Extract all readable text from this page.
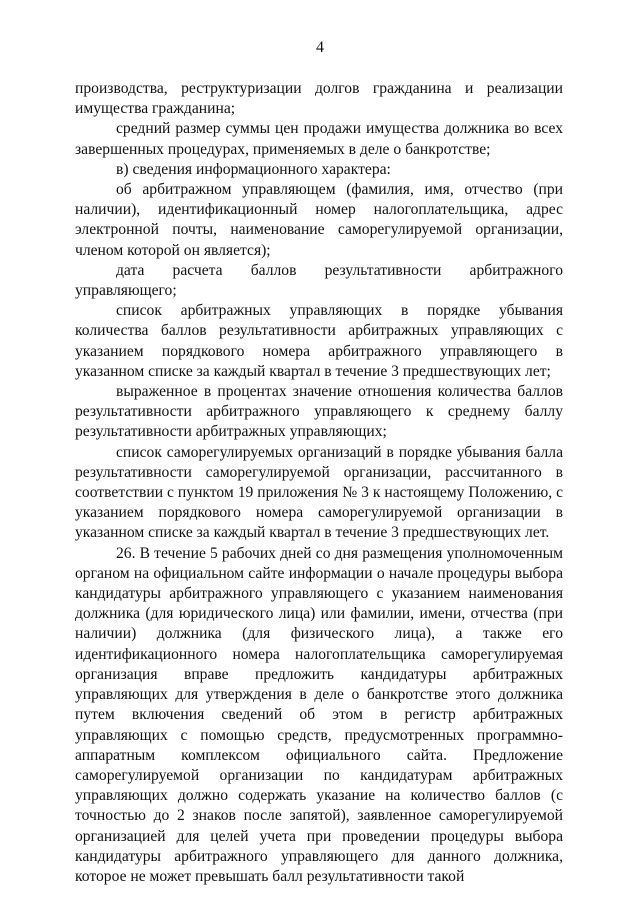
4

производства, реструктуризации долгов гражданина и реализации имущества гражданина;

средний размер суммы цен продажи имущества должника во всех завершенных процедурах, применяемых в деле о банкротстве;

в) сведения информационного характера:

об арбитражном управляющем (фамилия, имя, отчество (при наличии), идентификационный номер налогоплательщика, адрес электронной почты, наименование саморегулируемой организации, членом которой он является);

дата расчета баллов результативности арбитражного управляющего;

список арбитражных управляющих в порядке убывания количества баллов результативности арбитражных управляющих с указанием порядкового номера арбитражного управляющего в указанном списке за каждый квартал в течение 3 предшествующих лет;

выраженное в процентах значение отношения количества баллов результативности арбитражного управляющего к среднему баллу результативности арбитражных управляющих;

список саморегулируемых организаций в порядке убывания балла результативности саморегулируемой организации, рассчитанного в соответствии с пунктом 19 приложения № 3 к настоящему Положению, с указанием порядкового номера саморегулируемой организации в указанном списке за каждый квартал в течение 3 предшествующих лет.

26. В течение 5 рабочих дней со дня размещения уполномоченным органом на официальном сайте информации о начале процедуры выбора кандидатуры арбитражного управляющего с указанием наименования должника (для юридического лица) или фамилии, имени, отчества (при наличии) должника (для физического лица), а также его идентификационного номера налогоплательщика саморегулируемая организация вправе предложить кандидатуры арбитражных управляющих для утверждения в деле о банкротстве этого должника путем включения сведений об этом в регистр арбитражных управляющих с помощью средств, предусмотренных программно-аппаратным комплексом официального сайта. Предложение саморегулируемой организации по кандидатурам арбитражных управляющих должно содержать указание на количество баллов (с точностью до 2 знаков после запятой), заявленное саморегулируемой организацией для целей учета при проведении процедуры выбора кандидатуры арбитражного управляющего для данного должника, которое не может превышать балл результативности такой
